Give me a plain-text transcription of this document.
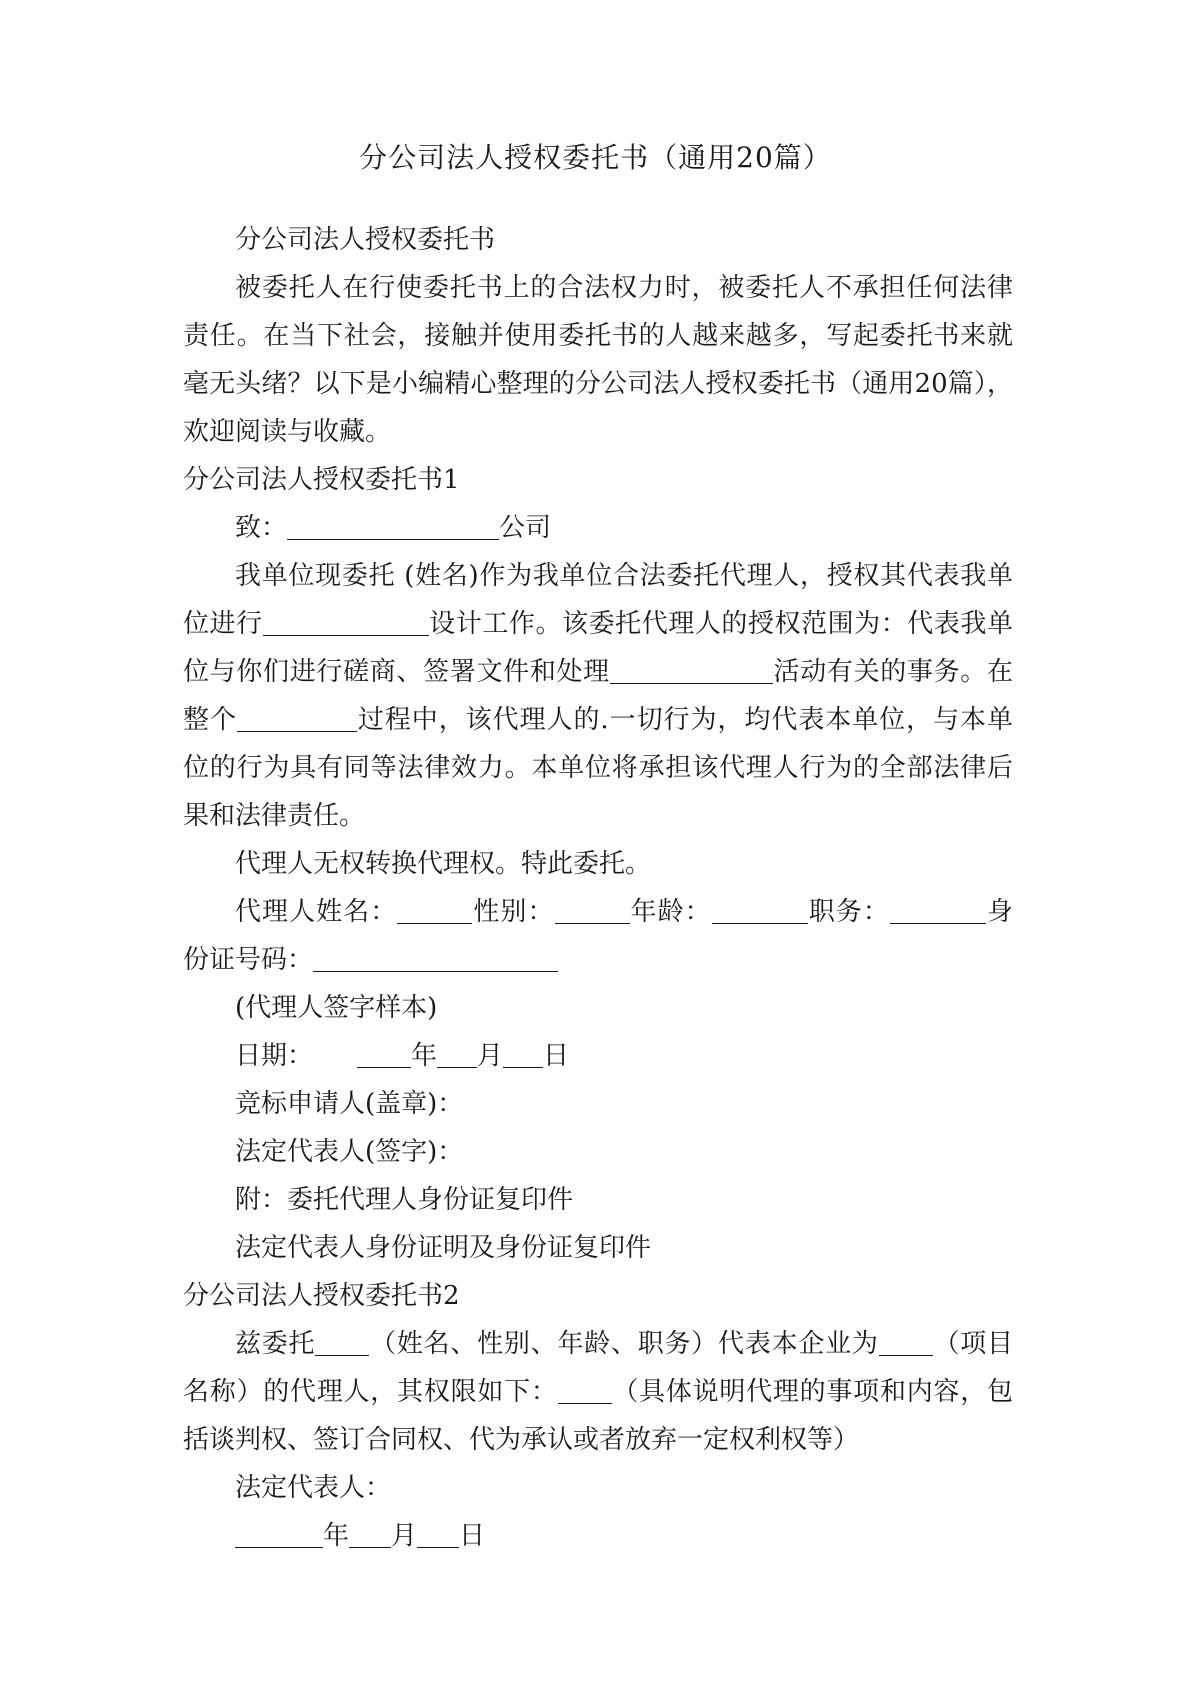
分公司法人授权委托书（通用20篇）

分公司法人授权委托书

被委托人在行使委托书上的合法权力时，被委托人不承担任何法律责任。在当下社会，接触并使用委托书的人越来越多，写起委托书来就毫无头绪？以下是小编精心整理的分公司法人授权委托书（通用20篇），欢迎阅读与收藏。

分公司法人授权委托书1

致：	公司

我单位现委托 (姓名)作为我单位合法委托代理人，授权其代表我单位进行	设计工作。该委托代理人的授权范围为：代表我单位与你们进行磋商、签署文件和处理	活动有关的事务。在整个	过程中，该代理人的.一切行为，均代表本单位，与本单位的行为具有同等法律效力。本单位将承担该代理人行为的全部法律后果和法律责任。

代理人无权转换代理权。特此委托。

代理人姓名：	性别：	年龄：	职务：	身份证号码：

(代理人签字样本)

日期：	年 月 日

竞标申请人(盖章)：

法定代表人(签字)：

附：委托代理人身份证复印件

法定代表人身份证明及身份证复印件

分公司法人授权委托书2

兹委托 （姓名、性别、年龄、职务）代表本企业为 （项目名称）的代理人，其权限如下： （具体说明代理的事项和内容，包括谈判权、签订合同权、代为承认或者放弃一定权利权等）

法定代表人：

年 月 日
